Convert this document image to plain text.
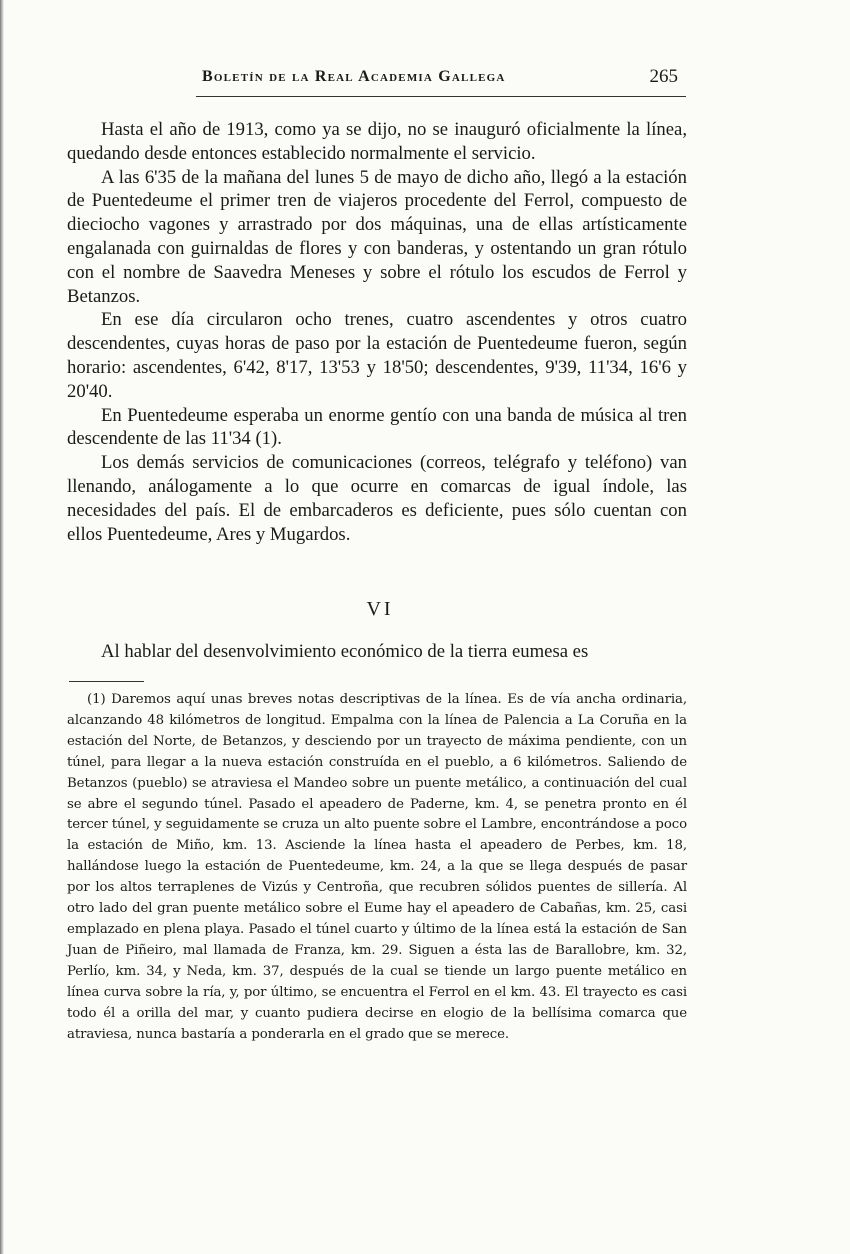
Boletín de la Real Academia Gallega	265

Hasta el año de 1913, como ya se dijo, no se inauguró oficialmente la línea, quedando desde entonces establecido normalmente el servicio.

A las 6'35 de la mañana del lunes 5 de mayo de dicho año, llegó a la estación de Puentedeume el primer tren de viajeros procedente del Ferrol, compuesto de dieciocho vagones y arrastrado por dos máquinas, una de ellas artísticamente engalanada con guirnaldas de flores y con banderas, y ostentando un gran rótulo con el nombre de Saavedra Meneses y sobre el rótulo los escudos de Ferrol y Betanzos.

En ese día circularon ocho trenes, cuatro ascendentes y otros cuatro descendentes, cuyas horas de paso por la estación de Puentedeume fueron, según horario: ascendentes, 6'42, 8'17, 13'53 y 18'50; descendentes, 9'39, 11'34, 16'6 y 20'40.

En Puentedeume esperaba un enorme gentío con una banda de música al tren descendente de las 11'34 (1).

Los demás servicios de comunicaciones (correos, telégrafo y teléfono) van llenando, análogamente a lo que ocurre en comarcas de igual índole, las necesidades del país. El de embarcaderos es deficiente, pues sólo cuentan con ellos Puentedeume, Ares y Mugardos.

VI

Al hablar del desenvolvimiento económico de la tierra eumesa es

(1) Daremos aquí unas breves notas descriptivas de la línea. Es de vía ancha ordinaria, alcanzando 48 kilómetros de longitud. Empalma con la línea de Palencia a La Coruña en la estación del Norte, de Betanzos, y desciendo por un trayecto de máxima pendiente, con un túnel, para llegar a la nueva estación construída en el pueblo, a 6 kilómetros. Saliendo de Betanzos (pueblo) se atraviesa el Mandeo sobre un puente metálico, a continuación del cual se abre el segundo túnel. Pasado el apeadero de Paderne, km. 4, se penetra pronto en él tercer túnel, y seguidamente se cruza un alto puente sobre el Lambre, encontrándose a poco la estación de Miño, km. 13. Asciende la línea hasta el apeadero de Perbes, km. 18, hallándose luego la estación de Puentedeume, km. 24, a la que se llega después de pasar por los altos terraplenes de Vizús y Centroña, que recubren sólidos puentes de sillería. Al otro lado del gran puente metálico sobre el Eume hay el apeadero de Cabañas, km. 25, casi emplazado en plena playa. Pasado el túnel cuarto y último de la línea está la estación de San Juan de Piñeiro, mal llamada de Franza, km. 29. Siguen a ésta las de Barallobre, km. 32, Perlío, km. 34, y Neda, km. 37, después de la cual se tiende un largo puente metálico en línea curva sobre la ría, y, por último, se encuentra el Ferrol en el km. 43. El trayecto es casi todo él a orilla del mar, y cuanto pudiera decirse en elogio de la bellísima comarca que atraviesa, nunca bastaría a ponderarla en el grado que se merece.
